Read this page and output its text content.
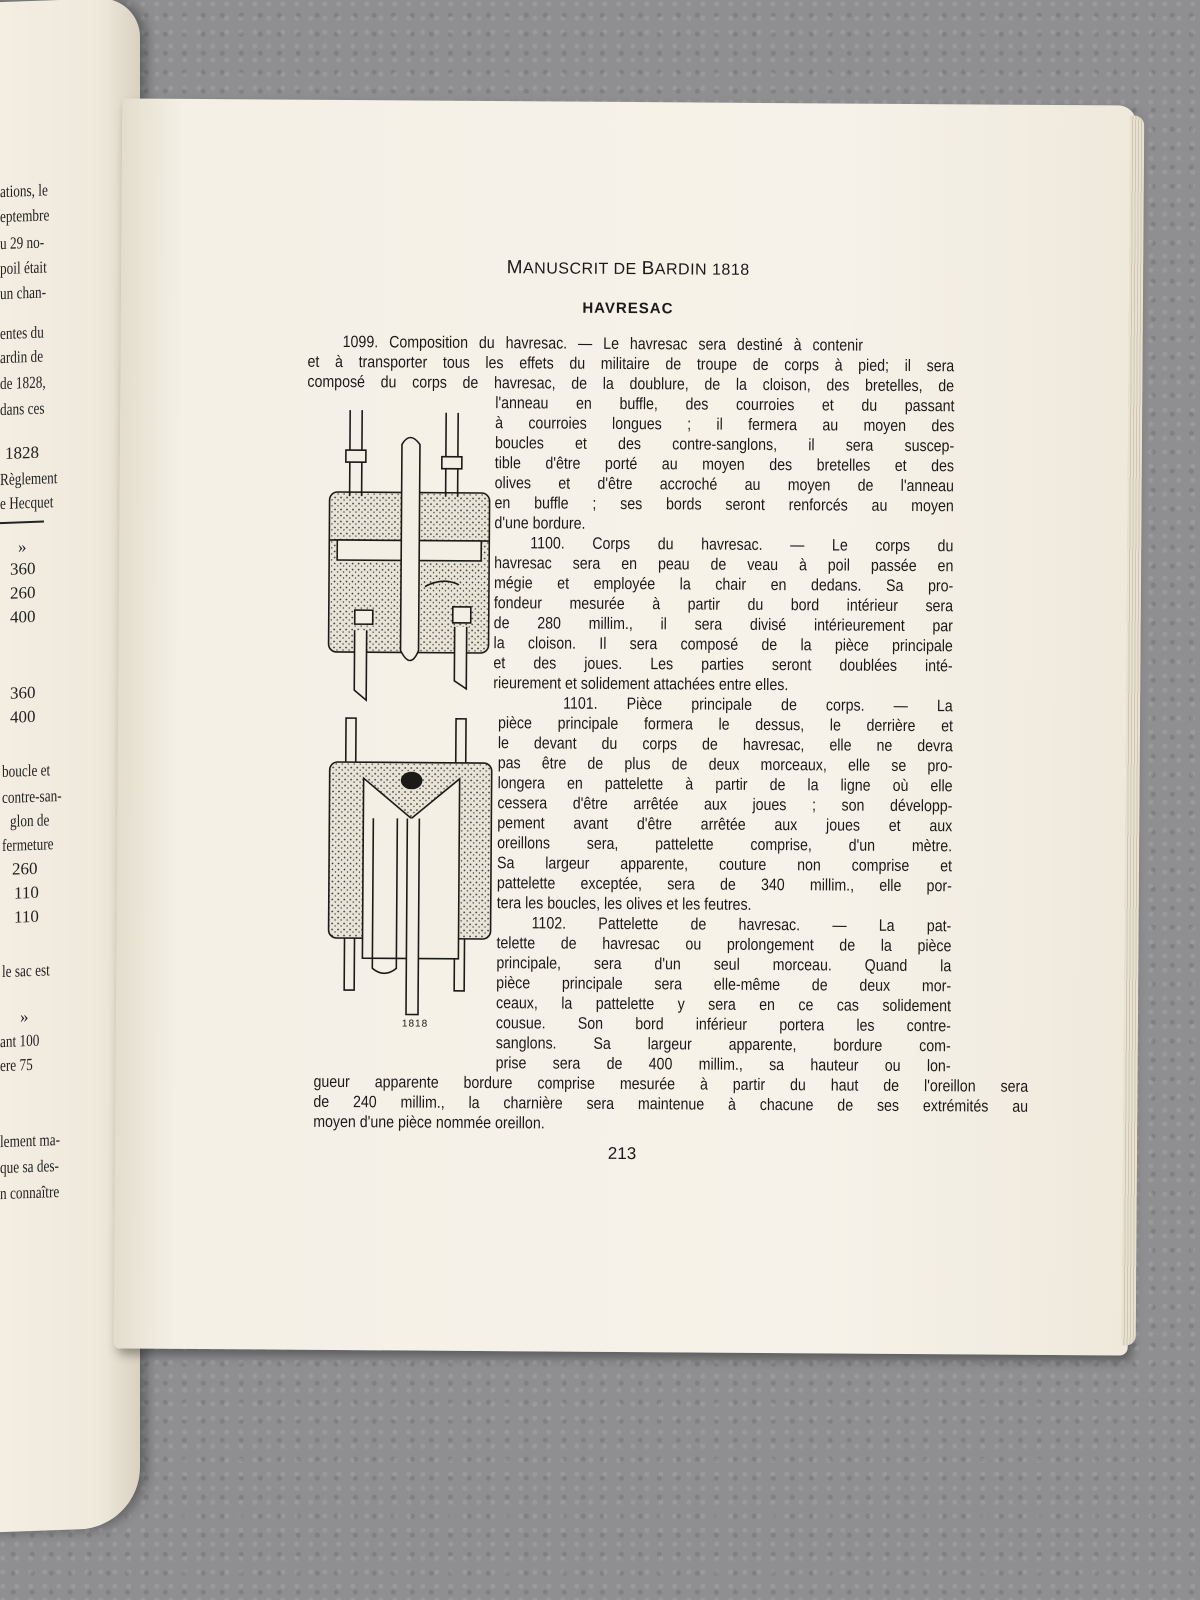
ations, le
eptembre
u 29 no-
poil était
un chan-
entes du
ardin de
de 1828,
dans ces
1828
Règlement
e Hecquet
»
360
260
400
360
400
boucle et
contre-san-
glon de
fermeture
260
110
110
le sac est
»
ant 100
ere 75
lement ma-
que sa des-
n connaître
MANUSCRIT DE BARDIN 1818
HAVRESAC
1818
1099. Composition du havresac. — Le havresac sera destiné à contenir
et à transporter tous les effets du militaire de troupe de corps à pied; il sera
composé du corps de havresac, de la doublure, de la cloison, des bretelles, de
l'anneau en buffle, des courroies et du passant
à courroies longues ; il fermera au moyen des
boucles et des contre-sanglons, il sera suscep-
tible d'être porté au moyen des bretelles et des
olives et d'être accroché au moyen de l'anneau
en buffle ; ses bords seront renforcés au moyen
d'une bordure.
1100. Corps du havresac. — Le corps du
havresac sera en peau de veau à poil passée en
mégie et employée la chair en dedans. Sa pro-
fondeur mesurée à partir du bord intérieur sera
de 280 millim., il sera divisé intérieurement par
la cloison. Il sera composé de la pièce principale
et des joues. Les parties seront doublées inté-
rieurement et solidement attachées entre elles.
1101. Pièce principale de corps. — La
pièce principale formera le dessus, le derrière et
le devant du corps de havresac, elle ne devra
pas être de plus de deux morceaux, elle se pro-
longera en pattelette à partir de la ligne où elle
cessera d'être arrêtée aux joues ; son développ-
pement avant d'être arrêtée aux joues et aux
oreillons sera, pattelette comprise, d'un mètre.
Sa largeur apparente, couture non comprise et
pattelette exceptée, sera de 340 millim., elle por-
tera les boucles, les olives et les feutres.
1102. Pattelette de havresac. — La pat-
telette de havresac ou prolongement de la pièce
principale, sera d'un seul morceau. Quand la
pièce principale sera elle-même de deux mor-
ceaux, la pattelette y sera en ce cas solidement
cousue. Son bord inférieur portera les contre-
sanglons. Sa largeur apparente, bordure com-
prise sera de 400 millim., sa hauteur ou lon-
gueur apparente bordure comprise mesurée à partir du haut de l'oreillon sera
de 240 millim., la charnière sera maintenue à chacune de ses extrémités au
moyen d'une pièce nommée oreillon.
213
